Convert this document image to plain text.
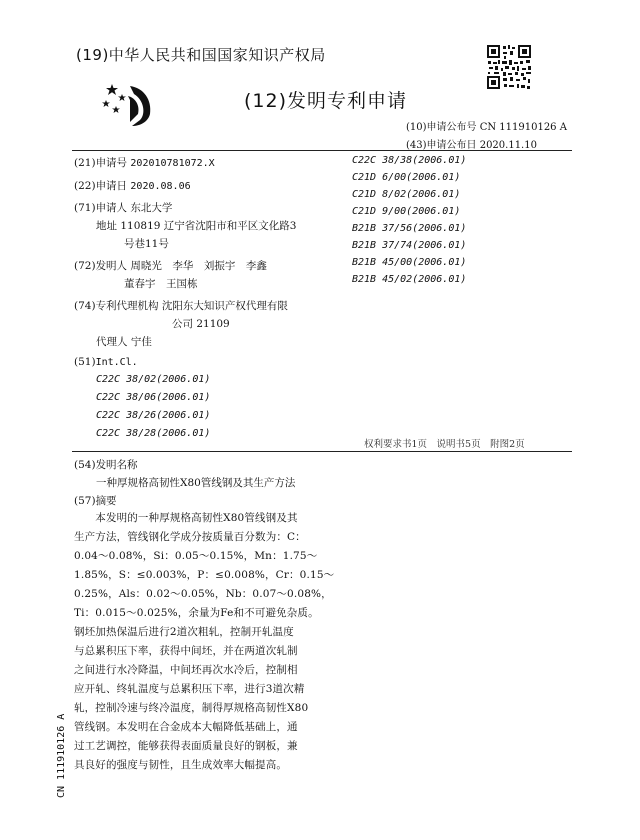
(19)中华人民共和国国家知识产权局
(12)发明专利申请
(10)申请公布号 CN 111910126 A
(43)申请公布日 2020.11.10
(21)申请号 202010781072.X
(22)申请日 2020.08.06
(71)申请人 东北大学
地址 110819 辽宁省沈阳市和平区文化路3
号巷11号
(72)发明人 周晓光　李华　刘振宇　李鑫
董春宇　王国栋
(74)专利代理机构 沈阳东大知识产权代理有限
公司 21109
代理人 宁佳
(51)Int.Cl.
C22C 38/02(2006.01)
C22C 38/06(2006.01)
C22C 38/26(2006.01)
C22C 38/28(2006.01)
C22C 38/38(2006.01)
C21D 6/00(2006.01)
C21D 8/02(2006.01)
C21D 9/00(2006.01)
B21B 37/56(2006.01)
B21B 37/74(2006.01)
B21B 45/00(2006.01)
B21B 45/02(2006.01)
权利要求书1页　说明书5页　附图2页
(54)发明名称
一种厚规格高韧性X80管线钢及其生产方法
(57)摘要
　　本发明的一种厚规格高韧性X80管线钢及其
生产方法，管线钢化学成分按质量百分数为：C：
0.04～0.08%，Si：0.05～0.15%，Mn：1.75～
1.85%，S：≤0.003%，P：≤0.008%，Cr：0.15～
0.25%，Als：0.02～0.05%，Nb：0.07～0.08%，
Ti：0.015～0.025%，余量为Fe和不可避免杂质。
钢坯加热保温后进行2道次粗轧，控制开轧温度
与总累积压下率，获得中间坯，并在两道次轧制
之间进行水冷降温，中间坯再次水冷后，控制相
应开轧、终轧温度与总累积压下率，进行3道次精
轧，控制冷速与终冷温度，制得厚规格高韧性X80
管线钢。本发明在合金成本大幅降低基础上，通
过工艺调控，能够获得表面质量良好的钢板，兼
具良好的强度与韧性，且生成效率大幅提高。
CN 111910126 A
